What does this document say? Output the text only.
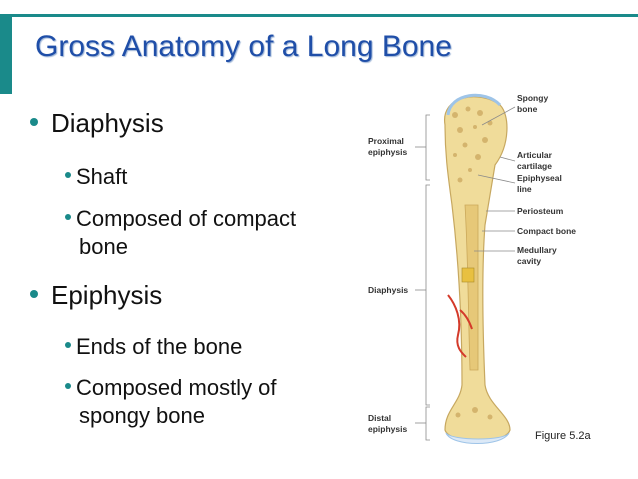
Gross Anatomy of a Long Bone
Diaphysis
Shaft
Composed of compact bone
Epiphysis
Ends of the bone
Composed mostly of spongy bone
Spongy bone
Proximal epiphysis	Articular cartilage
Epiphyseal line
Periosteum
Compact bone
Medullary cavity
Diaphysis
Distal epiphysis
Figure 5.2a
